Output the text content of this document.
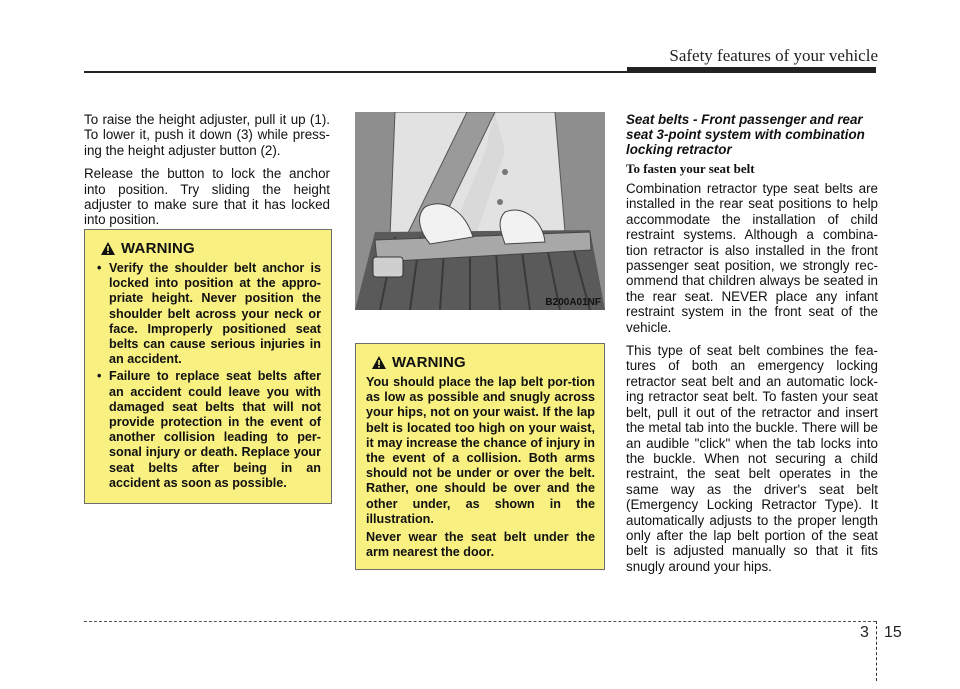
Safety features of your vehicle

To raise the height adjuster, pull it up (1). To lower it, push it down (3) while press-ing the height adjuster button (2).

Release the button to lock the anchor into position. Try sliding the height adjuster to make sure that it has locked into position.

WARNING
• Verify the shoulder belt anchor is locked into position at the appro-priate height. Never position the shoulder belt across your neck or face. Improperly positioned seat belts can cause serious injuries in an accident.
• Failure to replace seat belts after an accident could leave you with damaged seat belts that will not provide protection in the event of another collision leading to per-sonal injury or death. Replace your seat belts after being in an accident as soon as possible.
B200A01NF
WARNING

You should place the lap belt por-tion as low as possible and snugly across your hips, not on your waist. If the lap belt is located too high on your waist, it may increase the chance of injury in the event of a collision. Both arms should not be under or over the belt. Rather, one should be over and the other under, as shown in the illustration.

Never wear the seat belt under the arm nearest the door.

Seat belts - Front passenger and rear seat 3-point system with combination locking retractor

To fasten your seat belt

Combination retractor type seat belts are installed in the rear seat positions to help accommodate the installation of child restraint systems. Although a combina-tion retractor is also installed in the front passenger seat position, we strongly rec-ommend that children always be seated in the rear seat. NEVER place any infant restraint system in the front seat of the vehicle.

This type of seat belt combines the fea-tures of both an emergency locking retractor seat belt and an automatic lock-ing retractor seat belt. To fasten your seat belt, pull it out of the retractor and insert the metal tab into the buckle. There will be an audible "click" when the tab locks into the buckle. When not securing a child restraint, the seat belt operates in the same way as the driver's seat belt (Emergency Locking Retractor Type). It automatically adjusts to the proper length only after the lap belt portion of the seat belt is adjusted manually so that it fits snugly around your hips.

3 15
